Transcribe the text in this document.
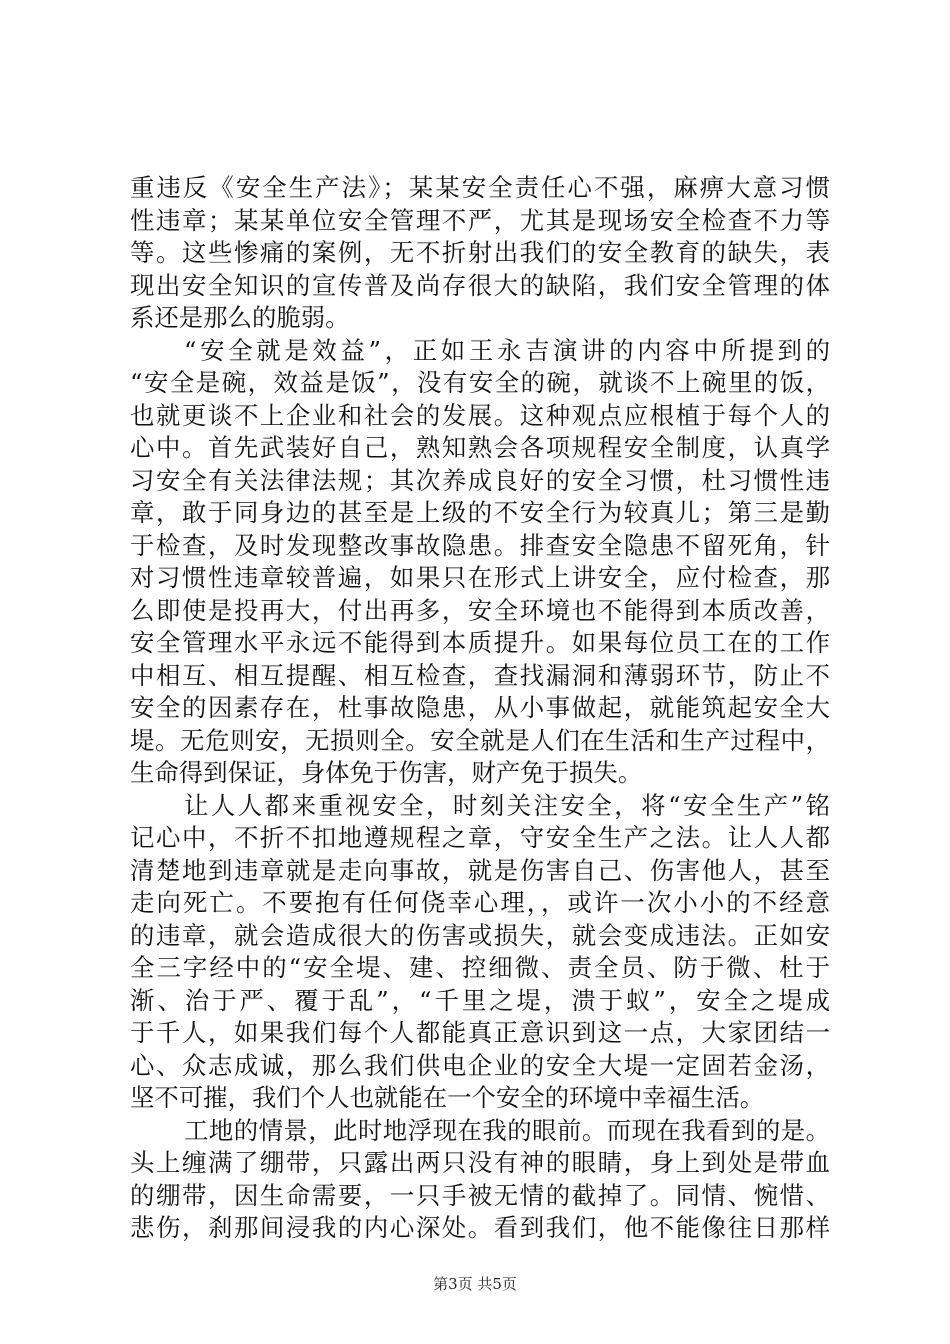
重违反《安全生产法》；某某安全责任心不强，麻痹大意习惯
性违章；某某单位安全管理不严，尤其是现场安全检查不力等
等。这些惨痛的案例，无不折射出我们的安全教育的缺失，表
现出安全知识的宣传普及尚存很大的缺陷，我们安全管理的体
系还是那么的脆弱。
“安全就是效益”，正如王永吉演讲的内容中所提到的
“安全是碗，效益是饭”，没有安全的碗，就谈不上碗里的饭，
也就更谈不上企业和社会的发展。这种观点应根植于每个人的
心中。首先武装好自己，熟知熟会各项规程安全制度，认真学
习安全有关法律法规；其次养成良好的安全习惯，杜习惯性违
章，敢于同身边的甚至是上级的不安全行为较真儿；第三是勤
于检查，及时发现整改事故隐患。排查安全隐患不留死角，针
对习惯性违章较普遍，如果只在形式上讲安全，应付检查，那
么即使是投再大，付出再多，安全环境也不能得到本质改善，
安全管理水平永远不能得到本质提升。如果每位员工在的工作
中相互、相互提醒、相互检查，查找漏洞和薄弱环节，防止不
安全的因素存在，杜事故隐患，从小事做起，就能筑起安全大
堤。无危则安，无损则全。安全就是人们在生活和生产过程中，
生命得到保证，身体免于伤害，财产免于损失。
让人人都来重视安全，时刻关注安全，将“安全生产”铭
记心中，不折不扣地遵规程之章，守安全生产之法。让人人都
清楚地到违章就是走向事故，就是伤害自己、伤害他人，甚至
走向死亡。不要抱有任何侥幸心理，，或许一次小小的不经意
的违章，就会造成很大的伤害或损失，就会变成违法。正如安
全三字经中的“安全堤、建、控细微、责全员、防于微、杜于
渐、治于严、覆于乱”，“千里之堤，溃于蚁”，安全之堤成
于千人，如果我们每个人都能真正意识到这一点，大家团结一
心、众志成诚，那么我们供电企业的安全大堤一定固若金汤，
坚不可摧，我们个人也就能在一个安全的环境中幸福生活。
工地的情景，此时地浮现在我的眼前。而现在我看到的是。
头上缠满了绷带，只露出两只没有神的眼睛，身上到处是带血
的绷带，因生命需要，一只手被无情的截掉了。同情、惋惜、
悲伤，刹那间浸我的内心深处。看到我们，他不能像往日那样
第3页 共5页
